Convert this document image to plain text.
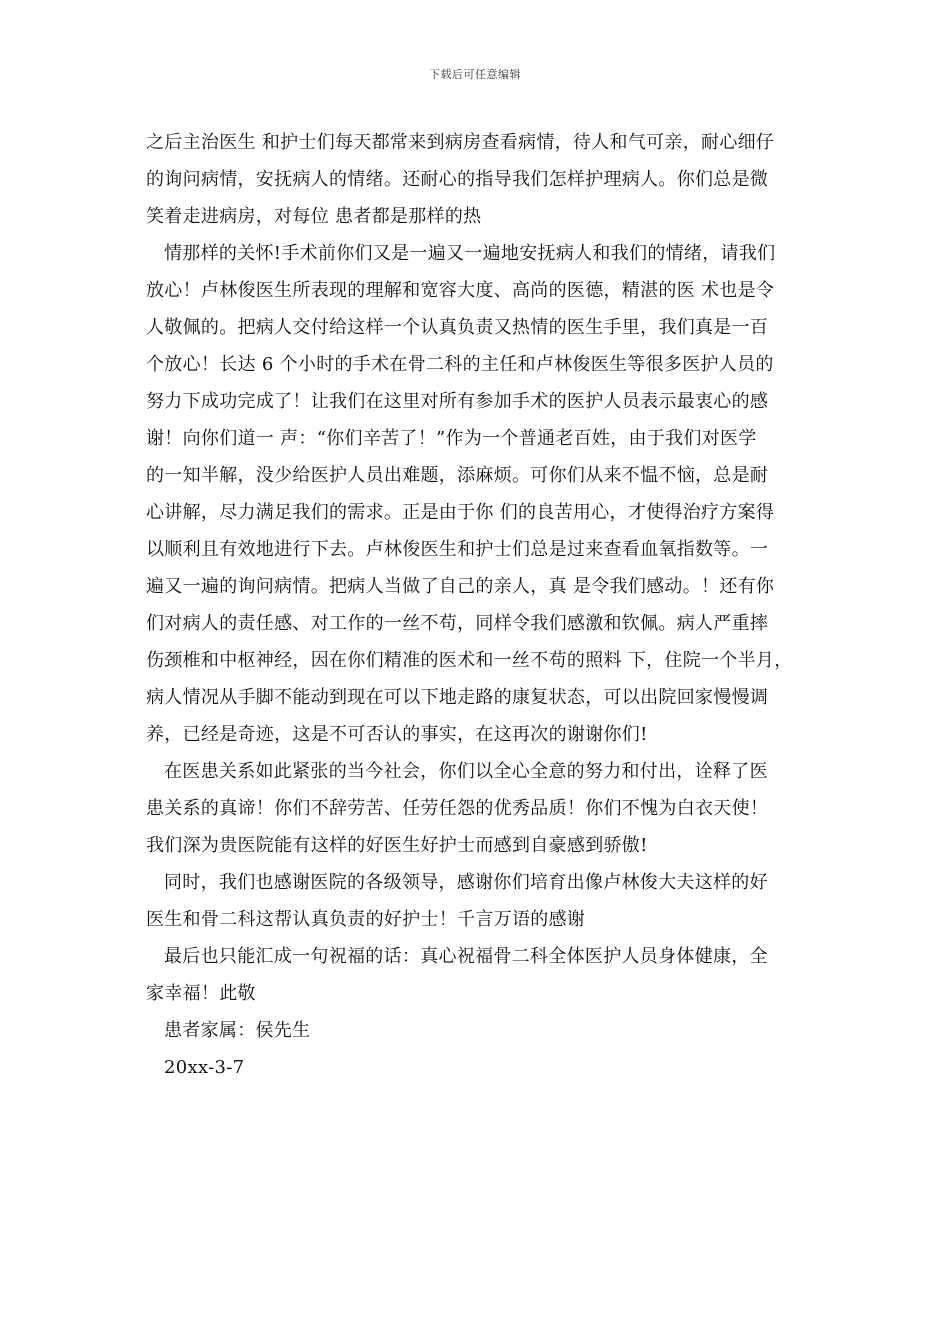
下载后可任意编辑
之后主治医生 和护士们每天都常来到病房查看病情，待人和气可亲，耐心细仔
的询问病情，安抚病人的情绪。还耐心的指导我们怎样护理病人。你们总是微
笑着走进病房，对每位 患者都是那样的热
情那样的关怀!手术前你们又是一遍又一遍地安抚病人和我们的情绪，请我们
放心！卢林俊医生所表现的理解和宽容大度、高尚的医德，精湛的医 术也是令
人敬佩的。把病人交付给这样一个认真负责又热情的医生手里，我们真是一百
个放心！长达 6 个小时的手术在骨二科的主任和卢林俊医生等很多医护人员的
努力下成功完成了！让我们在这里对所有参加手术的医护人员表示最衷心的感
谢！向你们道一 声：“你们辛苦了！”作为一个普通老百姓，由于我们对医学
的一知半解，没少给医护人员出难题，添麻烦。可你们从来不愠不恼，总是耐
心讲解，尽力满足我们的需求。正是由于你 们的良苦用心，才使得治疗方案得
以顺利且有效地进行下去。卢林俊医生和护士们总是过来查看血氧指数等。一
遍又一遍的询问病情。把病人当做了自己的亲人，真 是令我们感动。！还有你
们对病人的责任感、对工作的一丝不苟，同样令我们感激和钦佩。病人严重摔
伤颈椎和中枢神经，因在你们精准的医术和一丝不苟的照料 下，住院一个半月，
病人情况从手脚不能动到现在可以下地走路的康复状态，可以出院回家慢慢调
养，已经是奇迹，这是不可否认的事实，在这再次的谢谢你们!
在医患关系如此紧张的当今社会，你们以全心全意的努力和付出，诠释了医
患关系的真谛！你们不辞劳苦、任劳任怨的优秀品质！你们不愧为白衣天使！
我们深为贵医院能有这样的好医生好护士而感到自豪感到骄傲!
同时，我们也感谢医院的各级领导，感谢你们培育出像卢林俊大夫这样的好
医生和骨二科这帮认真负责的好护士！千言万语的感谢
最后也只能汇成一句祝福的话：真心祝福骨二科全体医护人员身体健康，全
家幸福！此敬
患者家属：侯先生
20xx-3-7
